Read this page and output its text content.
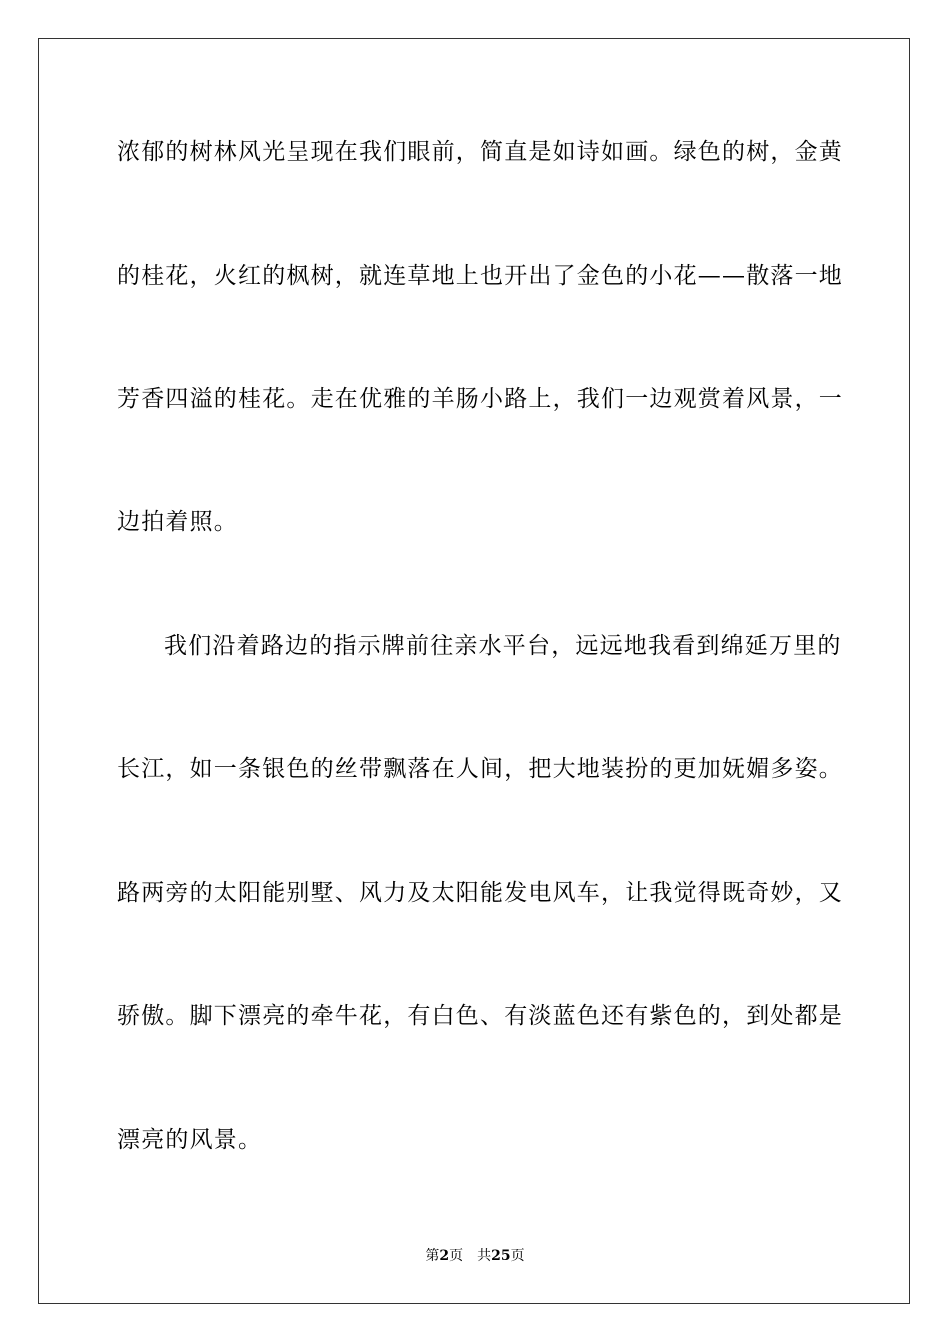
浓郁的树林风光呈现在我们眼前，简直是如诗如画。绿色的树，金黄
的桂花，火红的枫树，就连草地上也开出了金色的小花——散落一地
芳香四溢的桂花。走在优雅的羊肠小路上，我们一边观赏着风景，一
边拍着照。
我们沿着路边的指示牌前往亲水平台，远远地我看到绵延万里的
长江，如一条银色的丝带飘落在人间，把大地装扮的更加妩媚多姿。
路两旁的太阳能别墅、风力及太阳能发电风车，让我觉得既奇妙，又
骄傲。脚下漂亮的牵牛花，有白色、有淡蓝色还有紫色的，到处都是
漂亮的风景。
第2页 共25页
